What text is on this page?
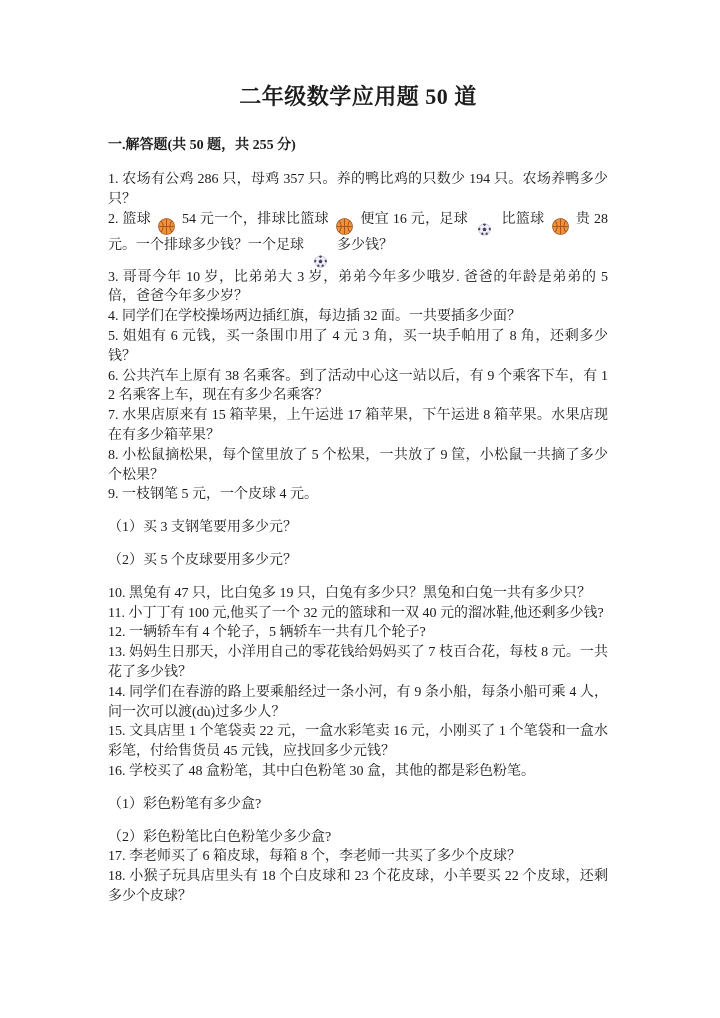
二年级数学应用题 50 道
一.解答题(共 50 题，共 255 分)

1. 农场有公鸡 286 只，母鸡 357 只。养的鸭比鸡的只数少 194 只。农场养鸭多少只？

2. 篮球 54 元一个，排球比篮球 便宜 16 元，足球 比篮球 贵 28 元。一个排球多少钱？一个足球 多少钱？

3. 哥哥今年 10 岁，比弟弟大 3 岁，弟弟今年多少哦岁. 爸爸的年龄是弟弟的 5 倍，爸爸今年多少岁？

4. 同学们在学校操场两边插红旗，每边插 32 面。一共要插多少面？

5. 姐姐有 6 元钱，买一条围巾用了 4 元 3 角，买一块手帕用了 8 角，还剩多少钱？

6. 公共汽车上原有 38 名乘客。到了活动中心这一站以后，有 9 个乘客下车，有 12 名乘客上车，现在有多少名乘客？

7. 水果店原来有 15 箱苹果，上午运进 17 箱苹果，下午运进 8 箱苹果。水果店现在有多少箱苹果？

8. 小松鼠摘松果，每个筐里放了 5 个松果，一共放了 9 筐，小松鼠一共摘了多少个松果？

9. 一枝钢笔 5 元，一个皮球 4 元。

（1）买 3 支钢笔要用多少元？

（2）买 5 个皮球要用多少元？

10. 黑兔有 47 只，比白兔多 19 只，白兔有多少只？黑兔和白兔一共有多少只？

11. 小丁丁有 100 元,他买了一个 32 元的篮球和一双 40 元的溜冰鞋,他还剩多少钱?

12. 一辆轿车有 4 个轮子，5 辆轿车一共有几个轮子?

13. 妈妈生日那天，小洋用自己的零花钱给妈妈买了 7 枝百合花，每枝 8 元。一共花了多少钱？

14. 同学们在春游的路上要乘船经过一条小河，有 9 条小船，每条小船可乘 4 人，问一次可以渡(dù)过多少人？

15. 文具店里 1 个笔袋卖 22 元，一盒水彩笔卖 16 元，小刚买了 1 个笔袋和一盒水彩笔，付给售货员 45 元钱，应找回多少元钱？

16. 学校买了 48 盒粉笔，其中白色粉笔 30 盒，其他的都是彩色粉笔。

（1）彩色粉笔有多少盒?

（2）彩色粉笔比白色粉笔少多少盒?

17. 李老师买了 6 箱皮球，每箱 8 个，李老师一共买了多少个皮球？

18. 小猴子玩具店里头有 18 个白皮球和 23 个花皮球，小羊要买 22 个皮球，还剩多少个皮球？
